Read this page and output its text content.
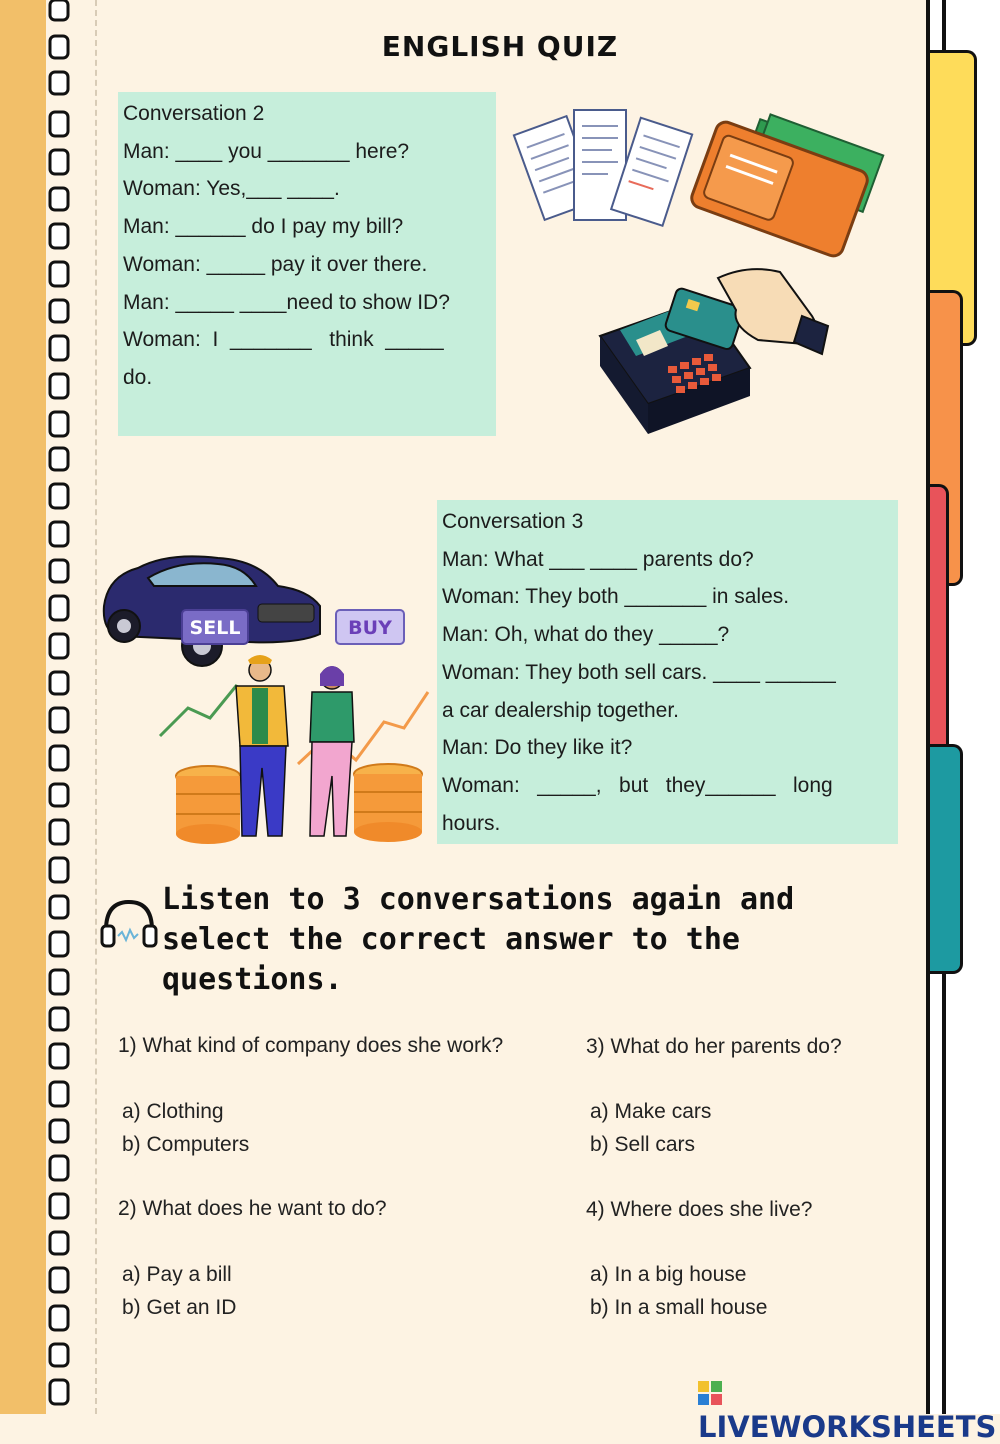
ENGLISH QUIZ
Conversation 2
Man: ____ you _______ here?
Woman: Yes,___ ____.
Man: ______ do I pay my bill?
Woman: _____ pay it over there.
Man: _____ ____need to show ID?
Woman:  I  _______   think  _____
do.
SELL	BUY
Conversation 3
Man: What ___ ____ parents do?
Woman: They both _______ in sales.
Man: Oh, what do they _____?
Woman: They both sell cars. ____ ______
a car dealership together.
Man: Do they like it?
Woman:   _____,   but   they______   long
hours.
Listen to 3 conversations again and select the correct answer to the questions.
1) What kind of company does she work?
a) Clothing
b) Computers
2) What does he want to do?
a) Pay a bill
b) Get an ID
3) What do her parents do?
a) Make cars
b) Sell cars
4) Where does she live?
a) In a big house
b) In a small house
LIVEWORKSHEETS
